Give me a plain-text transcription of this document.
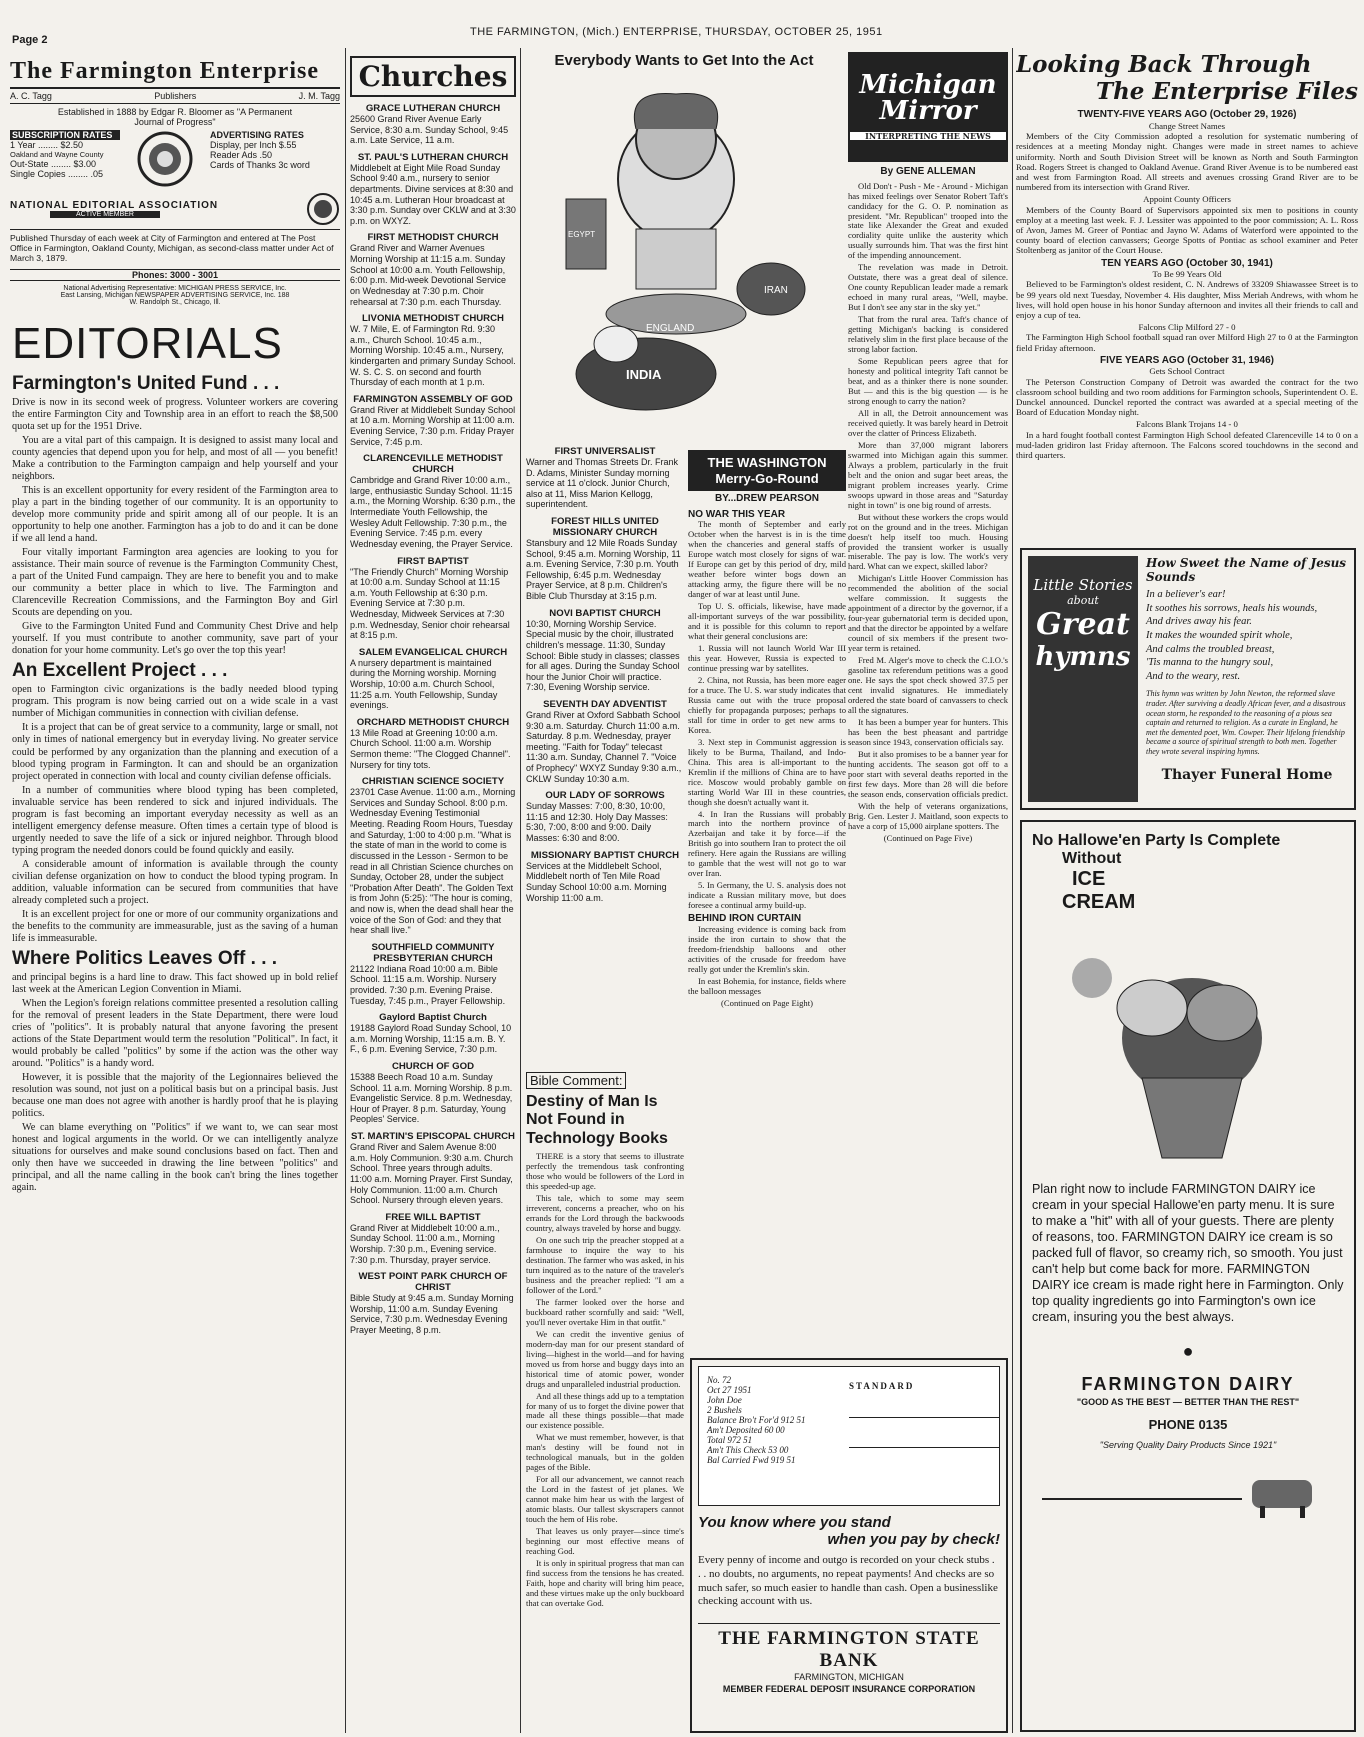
Page 2
THE FARMINGTON, (Mich.) ENTERPRISE, THURSDAY, OCTOBER 25, 1951
The Farmington Enterprise
A. C. Tagg	Publishers	J. M. Tagg
Established in 1888 by Edgar R. Bloomer as "A Permanent Journal of Progress"
SUBSCRIPTION RATES
1 Year ........ $2.50
Oakland and Wayne County
Out-State ........ $3.00
Single Copies ........ .05
ADVERTISING RATES
Display, per Inch $.55
Reader Ads .50
Cards of Thanks 3c word
NATIONAL EDITORIAL ASSOCIATION
ACTIVE MEMBER
Published Thursday of each week at City of Farmington and entered at The Post Office in Farmington, Oakland County, Michigan, as second-class matter under Act of March 3, 1879.
Phones: 3000 - 3001
National Advertising Representative: MICHIGAN PRESS SERVICE, Inc. East Lansing, Michigan NEWSPAPER ADVERTISING SERVICE, Inc. 188 W. Randolph St., Chicago, Ill.
EDITORIALS
Farmington's United Fund . . .

Drive is now in its second week of progress. Volunteer workers are covering the entire Farmington City and Township area in an effort to reach the $8,500 quota set up for the 1951 Drive.

You are a vital part of this campaign. It is designed to assist many local and county agencies that depend upon you for help, and most of all — you benefit! Make a contribution to the Farmington campaign and help yourself and your neighbors.

This is an excellent opportunity for every resident of the Farmington area to play a part in the binding together of our community. It is an opportunity to develop more community pride and spirit among all of our people. It is an opportunity to help one another. Farmington has a job to do and it can be done if we all lend a hand.

Four vitally important Farmington area agencies are looking to you for assistance. Their main source of revenue is the Farmington Community Chest, a part of the United Fund campaign. They are here to benefit you and to make our community a better place in which to live. The Farmington and Clarenceville Recreation Commissions, and the Farmington Boy and Girl Scouts are depending on you.

Give to the Farmington United Fund and Community Chest Drive and help yourself. If you must contribute to another community, save part of your donation for your home community. Let's go over the top this year!

An Excellent Project . . .

open to Farmington civic organizations is the badly needed blood typing program. This program is now being carried out on a wide scale in a vast number of Michigan communities in connection with civilian defense.

It is a project that can be of great service to a community, large or small, not only in times of national emergency but in everyday living. No greater service could be performed by any organization than the planning and execution of a blood typing program in Farmington. It can and should be an organization project operated in connection with local and county civilian defense officials.

In a number of communities where blood typing has been completed, invaluable service has been rendered to sick and injured individuals. The program is fast becoming an important everyday necessity as well as an intelligent emergency defense measure. Often times a certain type of blood is urgently needed to save the life of a sick or injured neighbor. Through blood typing program the needed donors could be found quickly and easily.

A considerable amount of information is available through the county civilian defense organization on how to conduct the blood typing program. In addition, valuable information can be secured from communities that have already completed such a project.

It is an excellent project for one or more of our community organizations and the benefits to the community are immeasurable, just as the saving of a human life is immeasurable.

Where Politics Leaves Off . . .

and principal begins is a hard line to draw. This fact showed up in bold relief last week at the American Legion Convention in Miami.

When the Legion's foreign relations committee presented a resolution calling for the removal of present leaders in the State Department, there were loud cries of "politics". It is probably natural that anyone favoring the present actions of the State Department would term the resolution "Political". In fact, it would probably be called "politics" by some if the action was the other way around. "Politics" is a handy word.

However, it is possible that the majority of the Legionnaires believed the resolution was sound, not just on a political basis but on a principal basis. Just because one man does not agree with another is hardly proof that he is playing politics.

We can blame everything on "Politics" if we want to, we can sear most honest and logical arguments in the world. Or we can intelligently analyze situations for ourselves and make sound conclusions based on fact. Then and only then have we succeeded in drawing the line between "politics" and principal, and all the name calling in the book can't bring the lines together again.

Churches
GRACE LUTHERAN CHURCH
25600 Grand River Avenue Early Service, 8:30 a.m. Sunday School, 9:45 a.m. Late Service, 11 a.m.
ST. PAUL'S LUTHERAN CHURCH
Middlebelt at Eight Mile Road Sunday School 9:40 a.m., nursery to senior departments. Divine services at 8:30 and 10:45 a.m. Lutheran Hour broadcast at 3:30 p.m. Sunday over CKLW and at 3:30 p.m. on WXYZ.
FIRST METHODIST CHURCH
Grand River and Warner Avenues Morning Worship at 11:15 a.m. Sunday School at 10:00 a.m. Youth Fellowship, 6:00 p.m. Mid-week Devotional Service on Wednesday at 7:30 p.m. Choir rehearsal at 7:30 p.m. each Thursday.
LIVONIA METHODIST CHURCH
W. 7 Mile, E. of Farmington Rd. 9:30 a.m., Church School. 10:45 a.m., Morning Worship. 10:45 a.m., Nursery, kindergarten and primary Sunday School. W. S. C. S. on second and fourth Thursday of each month at 1 p.m.
FARMINGTON ASSEMBLY OF GOD
Grand River at Middlebelt Sunday School at 10 a.m. Morning Worship at 11:00 a.m. Evening Service, 7:30 p.m. Friday Prayer Service, 7:45 p.m.
CLARENCEVILLE METHODIST CHURCH
Cambridge and Grand River 10:00 a.m., large, enthusiastic Sunday School. 11:15 a.m., the Morning Worship. 6:30 p.m., the Intermediate Youth Fellowship, the Wesley Adult Fellowship. 7:30 p.m., the Evening Service. 7:45 p.m. every Wednesday evening, the Prayer Service.
FIRST BAPTIST
"The Friendly Church" Morning Worship at 10:00 a.m. Sunday School at 11:15 a.m. Youth Fellowship at 6:30 p.m. Evening Service at 7:30 p.m. Wednesday, Midweek Services at 7:30 p.m. Wednesday, Senior choir rehearsal at 8:15 p.m.
SALEM EVANGELICAL CHURCH
A nursery department is maintained during the Morning worship. Morning Worship, 10:00 a.m. Church School, 11:25 a.m. Youth Fellowship, Sunday evenings.
ORCHARD METHODIST CHURCH
13 Mile Road at Greening 10:00 a.m. Church School. 11:00 a.m. Worship Sermon theme: "The Clogged Channel". Nursery for tiny tots.
CHRISTIAN SCIENCE SOCIETY
23701 Case Avenue. 11:00 a.m., Morning Services and Sunday School. 8:00 p.m. Wednesday Evening Testimonial Meeting. Reading Room Hours, Tuesday and Saturday, 1:00 to 4:00 p.m. "What is the state of man in the world to come is discussed in the Lesson - Sermon to be read in all Christian Science churches on Sunday, October 28, under the subject "Probation After Death". The Golden Text is from John (5:25): "The hour is coming, and now is, when the dead shall hear the voice of the Son of God: and they that hear shall live."
SOUTHFIELD COMMUNITY PRESBYTERIAN CHURCH
21122 Indiana Road 10:00 a.m. Bible School. 11:15 a.m. Worship. Nursery provided. 7:30 p.m. Evening Praise. Tuesday, 7:45 p.m., Prayer Fellowship.
Gaylord Baptist Church
19188 Gaylord Road Sunday School, 10 a.m. Morning Worship, 11:15 a.m. B. Y. F., 6 p.m. Evening Service, 7:30 p.m.
CHURCH OF GOD
15388 Beech Road 10 a.m. Sunday School. 11 a.m. Morning Worship. 8 p.m. Evangelistic Service. 8 p.m. Wednesday, Hour of Prayer. 8 p.m. Saturday, Young Peoples' Service.
ST. MARTIN'S EPISCOPAL CHURCH
Grand River and Salem Avenue 8:00 a.m. Holy Communion. 9:30 a.m. Church School. Three years through adults. 11:00 a.m. Morning Prayer. First Sunday, Holy Communion. 11:00 a.m. Church School. Nursery through eleven years.
FREE WILL BAPTIST
Grand River at Middlebelt 10:00 a.m., Sunday School. 11:00 a.m., Morning Worship. 7:30 p.m., Evening service. 7:30 p.m. Thursday, prayer service.
WEST POINT PARK CHURCH OF CHRIST
Bible Study at 9:45 a.m. Sunday Morning Worship, 11:00 a.m. Sunday Evening Service, 7:30 p.m. Wednesday Evening Prayer Meeting, 8 p.m.
Everybody Wants to Get Into the Act
IRAN
ENGLAND
EGYPT
INDIA
FIRST UNIVERSALIST
Warner and Thomas Streets Dr. Frank D. Adams, Minister Sunday morning service at 11 o'clock. Junior Church, also at 11, Miss Marion Kellogg, superintendent.
FOREST HILLS UNITED MISSIONARY CHURCH
Stansbury and 12 Mile Roads Sunday School, 9:45 a.m. Morning Worship, 11 a.m. Evening Service, 7:30 p.m. Youth Fellowship, 6:45 p.m. Wednesday Prayer Service, at 8 p.m. Children's Bible Club Thursday at 3:15 p.m.
NOVI BAPTIST CHURCH
10:30, Morning Worship Service. Special music by the choir, illustrated children's message. 11:30, Sunday School: Bible study in classes; classes for all ages. During the Sunday School hour the Junior Choir will practice. 7:30, Evening Worship service.
SEVENTH DAY ADVENTIST
Grand River at Oxford Sabbath School 9:30 a.m. Saturday. Church 11:00 a.m. Saturday. 8 p.m. Wednesday, prayer meeting. "Faith for Today" telecast 11:30 a.m. Sunday, Channel 7. "Voice of Prophecy" WXYZ Sunday 9:30 a.m., CKLW Sunday 10:30 a.m.
OUR LADY OF SORROWS
Sunday Masses: 7:00, 8:30, 10:00, 11:15 and 12:30. Holy Day Masses: 5:30, 7:00, 8:00 and 9:00. Daily Masses: 6:30 and 8:00.
MISSIONARY BAPTIST CHURCH
Services at the Middlebelt School, Middlebelt north of Ten Mile Road Sunday School 10:00 a.m. Morning Worship 11:00 a.m.
Bible Comment:
Destiny of Man Is Not Found in Technology Books

THERE is a story that seems to illustrate perfectly the tremendous task confronting those who would be followers of the Lord in this speeded-up age.

This tale, which to some may seem irreverent, concerns a preacher, who on his errands for the Lord through the backwoods country, always traveled by horse and buggy.

On one such trip the preacher stopped at a farmhouse to inquire the way to his destination. The farmer who was asked, in his turn inquired as to the nature of the traveler's business and the preacher replied: "I am a follower of the Lord."

The farmer looked over the horse and buckboard rather scornfully and said: "Well, you'll never overtake Him in that outfit."

We can credit the inventive genius of modern-day man for our present standard of living—highest in the world—and for having moved us from horse and buggy days into an historical time of atomic power, wonder drugs and unparalleled industrial production.

And all these things add up to a temptation for many of us to forget the divine power that made all these things possible—that made our existence possible.

What we must remember, however, is that man's destiny will be found not in technological manuals, but in the golden pages of the Bible.

For all our advancement, we cannot reach the Lord in the fastest of jet planes. We cannot make him hear us with the largest of atomic blasts. Our tallest skyscrapers cannot touch the hem of His robe.

That leaves us only prayer—since time's beginning our most effective means of reaching God.

It is only in spiritual progress that man can find success from the tensions he has created. Faith, hope and charity will bring him peace, and these virtues make up the only buckboard that can overtake God.

THE WASHINGTON Merry-Go-Round
BY...DREW PEARSON
NO WAR THIS YEAR

The month of September and early October when the harvest is in is the time when the chanceries and general staffs of Europe watch most closely for signs of war. If Europe can get by this period of dry, mild weather before winter bogs down an attacking army, the figure there will be no danger of war at least until June.

Top U. S. officials, likewise, have made all-important surveys of the war possibility, and it is possible for this column to report what their general conclusions are:

1. Russia will not launch World War III this year. However, Russia is expected to continue pressing war by satellites.

2. China, not Russia, has been more eager for a truce. The U. S. war study indicates that Russia came out with the truce proposal chiefly for propaganda purposes; perhaps to stall for time in order to get new arms to Korea.

3. Next step in Communist aggression is likely to be Burma, Thailand, and Indo-China. This area is all-important to the Kremlin if the millions of China are to have rice. Moscow would probably gamble on starting World War III in these countries, though she doesn't actually want it.

4. In Iran the Russians will probably march into the northern province of Azerbaijan and take it by force—if the British go into southern Iran to protect the oil refinery. Here again the Russians are willing to gamble that the west will not go to war over Iran.

5. In Germany, the U. S. analysis does not indicate a Russian military move, but does foresee a continual army build-up.

BEHIND IRON CURTAIN

Increasing evidence is coming back from inside the iron curtain to show that the freedom-friendship balloons and other activities of the crusade for freedom have really got under the Kremlin's skin.

In east Bohemia, for instance, fields where the balloon messages

(Continued on Page Eight)
Michigan Mirror
INTERPRETING THE NEWS
By GENE ALLEMAN

Old Don't - Push - Me - Around - Michigan has mixed feelings over Senator Robert Taft's candidacy for the G. O. P. nomination as president. "Mr. Republican" trooped into the state like Alexander the Great and exuded cordiality quite unlike the austerity which usually surrounds him. That was the first hint of the impending announcement.

The revelation was made in Detroit. Outstate, there was a great deal of silence. One county Republican leader made a remark echoed in many rural areas, "Well, maybe. But I don't see any star in the sky yet."

That from the rural area. Taft's chance of getting Michigan's backing is considered relatively slim in the first place because of the strong labor faction.

Some Republican peers agree that for honesty and political integrity Taft cannot be beat, and as a thinker there is none sounder. But — and this is the big question — is he strong enough to carry the nation?

All in all, the Detroit announcement was received quietly. It was barely heard in Detroit over the clatter of Princess Elizabeth.

More than 37,000 migrant laborers swarmed into Michigan again this summer. Always a problem, particularly in the fruit belt and the onion and sugar beet areas, the migrant problem increases yearly. Crime swoops upward in those areas and "Saturday night in town" is one big round of arrests.

But without these workers the crops would rot on the ground and in the trees. Michigan doesn't help itself too much. Housing provided the transient worker is usually miserable. The pay is low. The work's very hard. What can we expect, skilled labor?

Michigan's Little Hoover Commission has recommended the abolition of the social welfare commission. It suggests the appointment of a director by the governor, if a four-year gubernatorial term is decided upon, and that the director be appointed by a welfare council of six members if the present two-year term is retained.

Fred M. Alger's move to check the C.I.O.'s gasoline tax referendum petitions was a good one. He says the spot check showed 37.5 per cent invalid signatures. He immediately ordered the state board of canvassers to check all the signatures.

It has been a bumper year for hunters. This has been the best pheasant and partridge season since 1943, conservation officials say.

But it also promises to be a banner year for hunting accidents. The season got off to a poor start with several deaths reported in the first few days. More than 28 will die before the season ends, conservation officials predict.

With the help of veterans organizations, Brig. Gen. Lester J. Maitland, soon expects to have a corp of 15,000 airplane spotters. The

(Continued on Page Five)
No. 72
Oct 27 1951
John Doe
2 Bushels
Balance Bro't For'd 912 51
Am't Deposited 60 00
Total 972 51
Am't This Check 53 00
Bal Carried Fwd 919 51
STANDARD
You know where you stand
when you pay by check!
Every penny of income and outgo is recorded on your check stubs . . . no doubts, no arguments, no repeat payments! And checks are so much safer, so much easier to handle than cash. Open a businesslike checking account with us.
THE FARMINGTON STATE BANK
FARMINGTON, MICHIGAN
MEMBER FEDERAL DEPOSIT INSURANCE CORPORATION
Looking Back Through
The Enterprise Files
TWENTY-FIVE YEARS AGO (October 29, 1926)
Change Street Names

Members of the City Commission adopted a resolution for systematic numbering of residences at a meeting Monday night. Changes were made in street names to achieve uniformity. North and South Division Street will be known as North and South Farmington Road. Rogers Street is changed to Oakland Avenue. Grand River Avenue is to be numbered east and west from Farmington Road. All streets and avenues crossing Grand River are to be numbered from its intersection with Grand River.

Appoint County Officers

Members of the County Board of Supervisors appointed six men to positions in county employ at a meeting last week. F. J. Lessiter was appointed to the poor commission; A. L. Ross of Avon, James M. Greer of Pontiac and Jayno W. Adams of Waterford were appointed to the county board of election canvassers; George Spotts of Pontiac as school examiner and Peter Stoltenberg as janitor of the Court House.

TEN YEARS AGO (October 30, 1941)
To Be 99 Years Old

Believed to be Farmington's oldest resident, C. N. Andrews of 33209 Shiawassee Street is to be 99 years old next Tuesday, November 4. His daughter, Miss Meriah Andrews, with whom he lives, will hold open house in his honor Sunday afternoon and invites all their friends to call and enjoy a cup of tea.

Falcons Clip Milford 27 - 0

The Farmington High School football squad ran over Milford High 27 to 0 at the Farmington field Friday afternoon.

FIVE YEARS AGO (October 31, 1946)
Gets School Contract

The Peterson Construction Company of Detroit was awarded the contract for the two classroom school building and two room additions for Farmington schools, Superintendent O. E. Dunckel announced. Dunckel reported the contract was awarded at a special meeting of the Board of Education Monday night.

Falcons Blank Trojans 14 - 0

In a hard fought football contest Farmington High School defeated Clarenceville 14 to 0 on a mud-laden gridiron last Friday afternoon. The Falcons scored touchdowns in the second and third quarters.

Little Stories
about
Great
hymns
How Sweet the Name of Jesus Sounds
In a believer's ear!
It soothes his sorrows, heals his wounds,
And drives away his fear.
It makes the wounded spirit whole,
And calms the troubled breast,
'Tis manna to the hungry soul,
And to the weary, rest.
This hymn was written by John Newton, the reformed slave trader. After surviving a deadly African fever, and a disastrous ocean storm, he responded to the reasoning of a pious sea captain and returned to religion. As a curate in England, he met the demented poet, Wm. Cowper. Their lifelong friendship became a source of spiritual strength to both men. Together they wrote several inspiring hymns.
Thayer Funeral Home
No Hallowe'en Party Is Complete
Without
ICE
CREAM
Plan right now to include FARMINGTON DAIRY ice cream in your special Hallowe'en party menu. It is sure to make a "hit" with all of your guests. There are plenty of reasons, too. FARMINGTON DAIRY ice cream is so packed full of flavor, so creamy rich, so smooth. You just can't help but come back for more. FARMINGTON DAIRY ice cream is made right here in Farmington. Only top quality ingredients go into Farmington's own ice cream, insuring you the best always.
●
FARMINGTON DAIRY
"GOOD AS THE BEST — BETTER THAN THE REST"
PHONE 0135
"Serving Quality Dairy Products Since 1921"
